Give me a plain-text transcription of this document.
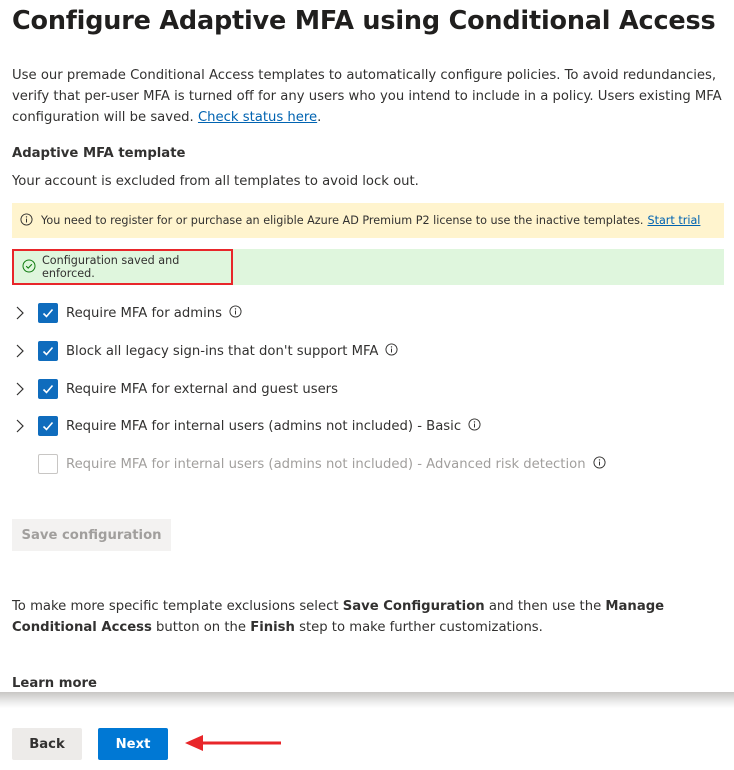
Configure Adaptive MFA using Conditional Access
Use our premade Conditional Access templates to automatically configure policies. To avoid redundancies, verify that per-user MFA is turned off for any users who you intend to include in a policy. Users existing MFA configuration will be saved. Check status here.
Adaptive MFA template
Your account is excluded from all templates to avoid lock out.
You need to register for or purchase an eligible Azure AD Premium P2 license to use the inactive templates. Start trial
Configuration saved and enforced.
Require MFA for admins
Block all legacy sign-ins that don't support MFA
Require MFA for external and guest users
Require MFA for internal users (admins not included) - Basic
Require MFA for internal users (admins not included) - Advanced risk detection
Save configuration
To make more specific template exclusions select Save Configuration and then use the Manage Conditional Access button on the Finish step to make further customizations.
Learn more
Back	Next
